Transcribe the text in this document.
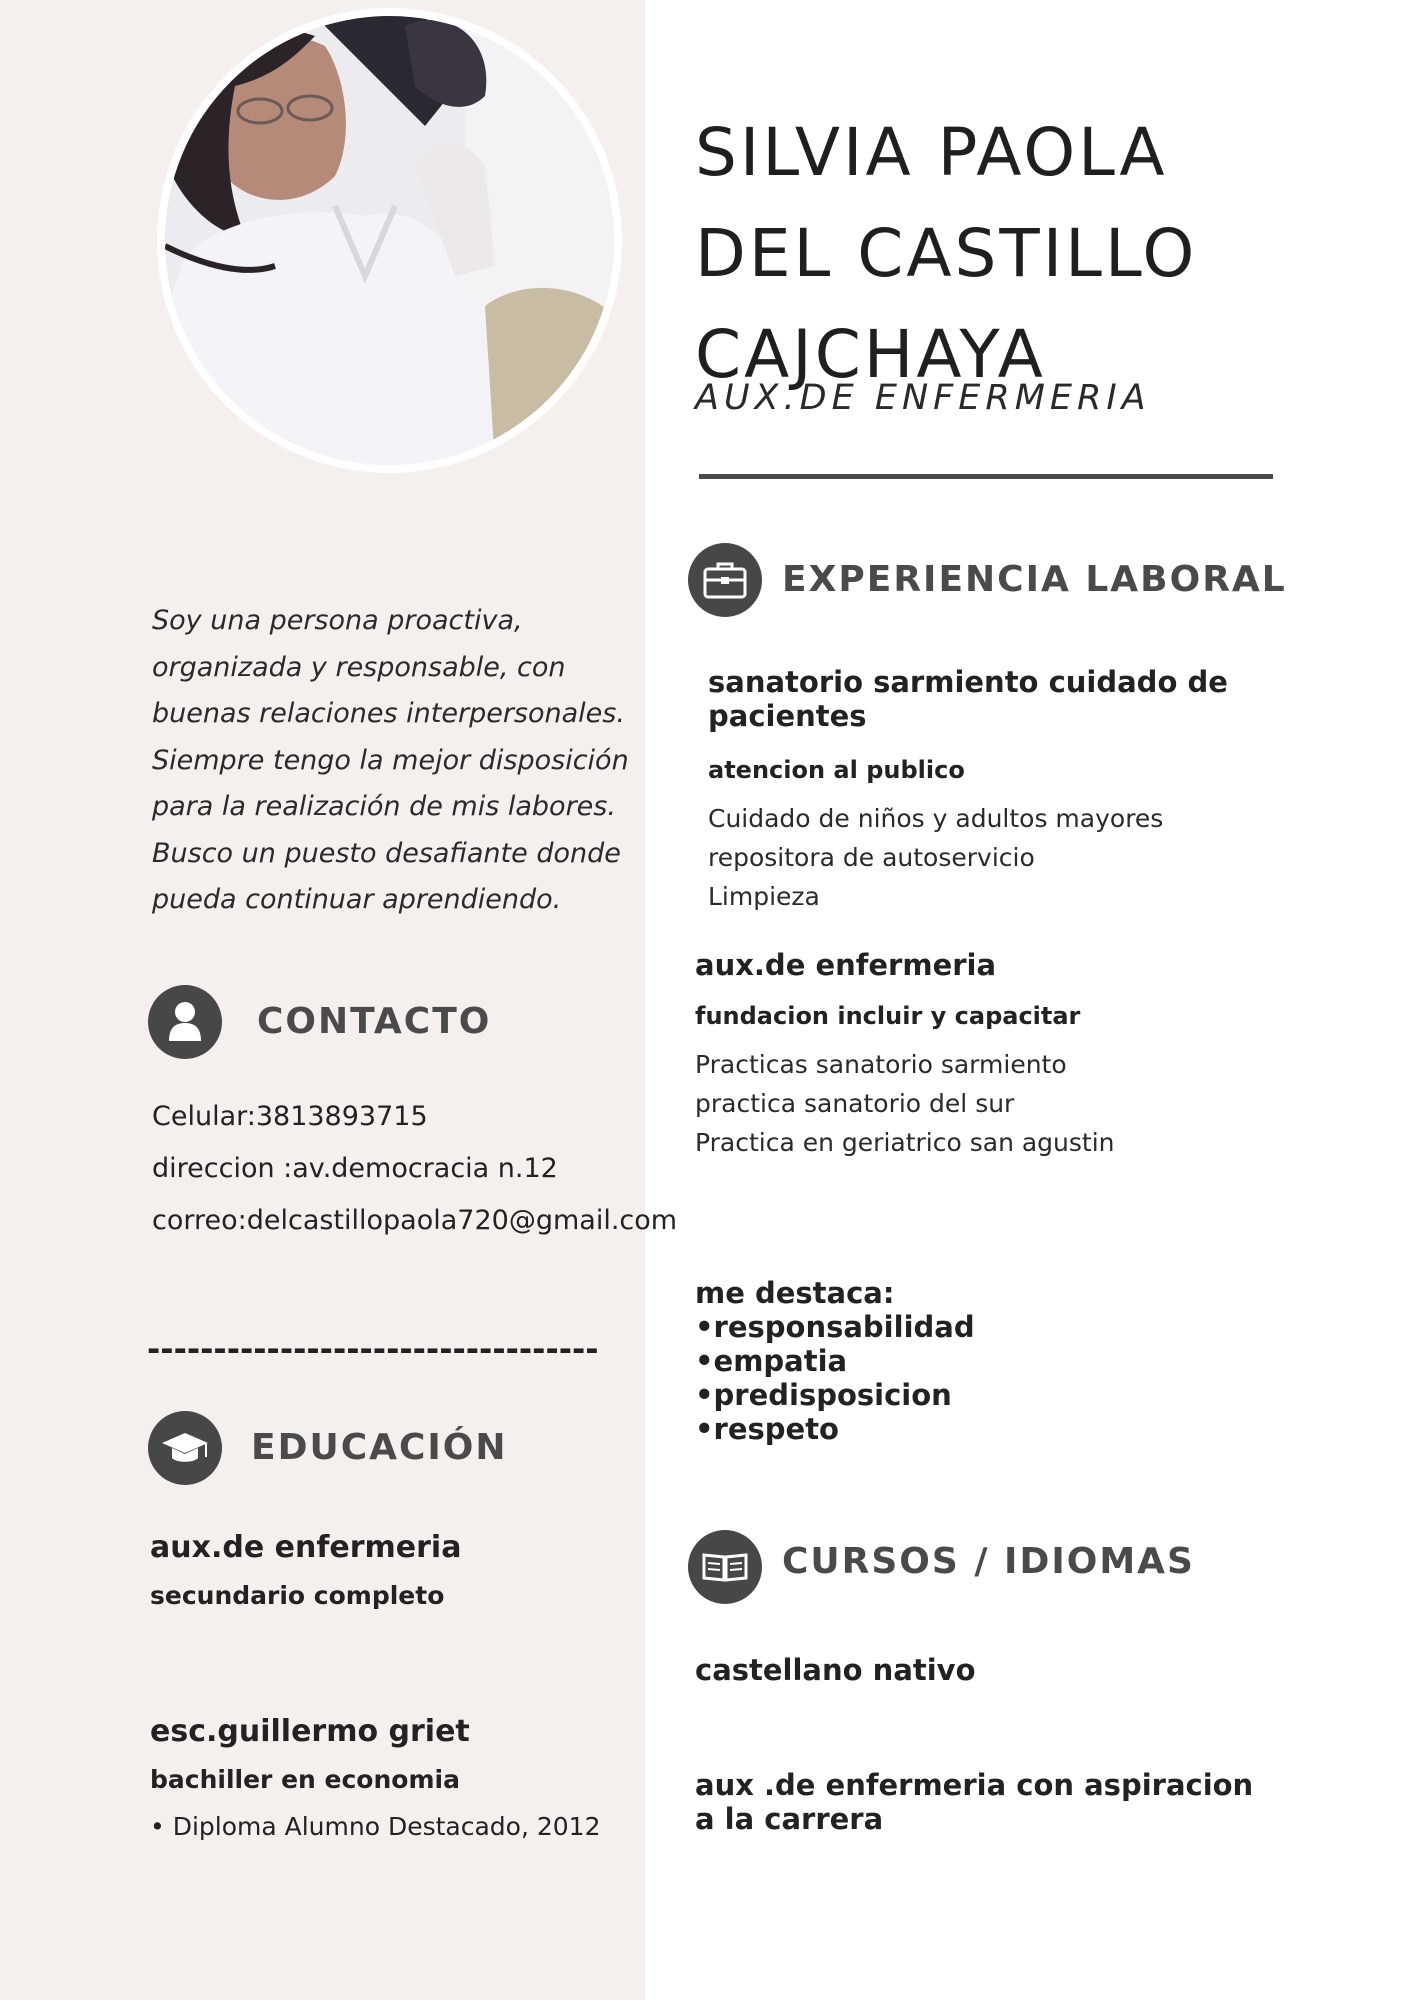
SILVIA PAOLA
DEL CASTILLO
CAJCHAYA
AUX.DE ENFERMERIA
Soy una persona proactiva, organizada y responsable, con buenas relaciones interpersonales. Siempre tengo la mejor disposición para la realización de mis labores. Busco un puesto desafiante donde pueda continuar aprendiendo.
CONTACTO
Celular:3813893715
direccion :av.democracia n.12
correo:delcastillopaola720@gmail.com
----------------------------------
EDUCACIÓN
aux.de enfermeria
secundario completo
esc.guillermo griet
bachiller en economia
• Diploma Alumno Destacado, 2012
EXPERIENCIA LABORAL
sanatorio sarmiento cuidado de pacientes
atencion al publico
Cuidado de niños y adultos mayores
repositora de autoservicio
Limpieza
aux.de enfermeria
fundacion incluir y capacitar
Practicas sanatorio sarmiento
practica sanatorio del sur
Practica en geriatrico san agustin
me destaca:
•responsabilidad
•empatia
•predisposicion
•respeto
CURSOS / IDIOMAS
castellano nativo
aux .de enfermeria con aspiracion a la carrera
